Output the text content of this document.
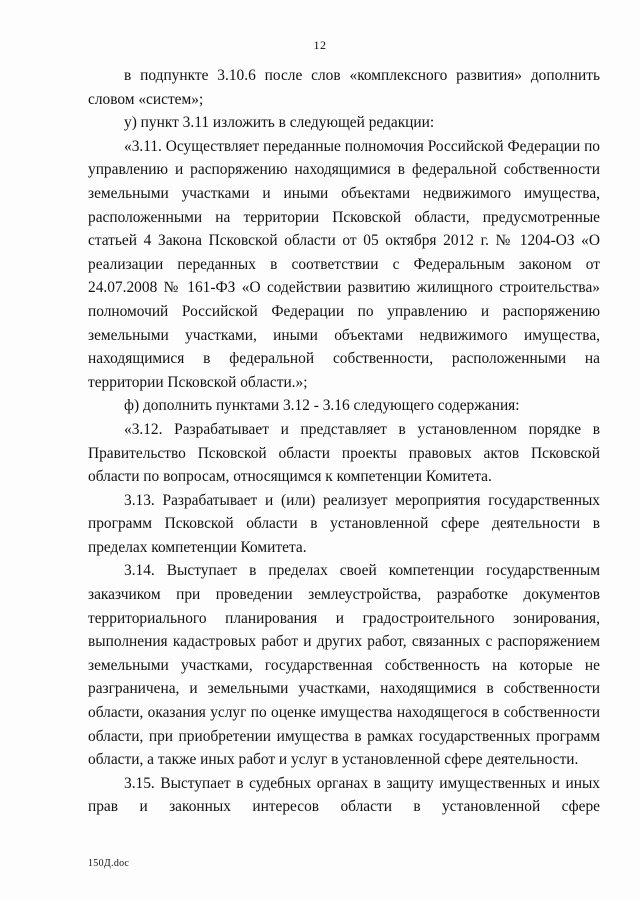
12

в подпункте 3.10.6 после слов «комплексного развития» дополнить словом «систем»;

у) пункт 3.11 изложить в следующей редакции:

«3.11. Осуществляет переданные полномочия Российской Федерации по управлению и распоряжению находящимися в федеральной собственности земельными участками и иными объектами недвижимого имущества, расположенными на территории Псковской области, предусмотренные статьей 4 Закона Псковской области от 05 октября 2012 г. № 1204-ОЗ «О реализации переданных в соответствии с Федеральным законом от 24.07.2008 № 161-ФЗ «О содействии развитию жилищного строительства» полномочий Российской Федерации по управлению и распоряжению земельными участками, иными объектами недвижимого имущества, находящимися в федеральной собственности, расположенными на территории Псковской области.»;

ф) дополнить пунктами 3.12 - 3.16 следующего содержания:

«3.12. Разрабатывает и представляет в установленном порядке в Правительство Псковской области проекты правовых актов Псковской области по вопросам, относящимся к компетенции Комитета.

3.13. Разрабатывает и (или) реализует мероприятия государственных программ Псковской области в установленной сфере деятельности в пределах компетенции Комитета.

3.14. Выступает в пределах своей компетенции государственным заказчиком при проведении землеустройства, разработке документов территориального планирования и градостроительного зонирования, выполнения кадастровых работ и других работ, связанных с распоряжением земельными участками, государственная собственность на которые не разграничена, и земельными участками, находящимися в собственности области, оказания услуг по оценке имущества находящегося в собственности области, при приобретении имущества в рамках государственных программ области, а также иных работ и услуг в установленной сфере деятельности.

3.15. Выступает в судебных органах в защиту имущественных и иных прав и законных интересов области в установленной сфере

150Д.doc
